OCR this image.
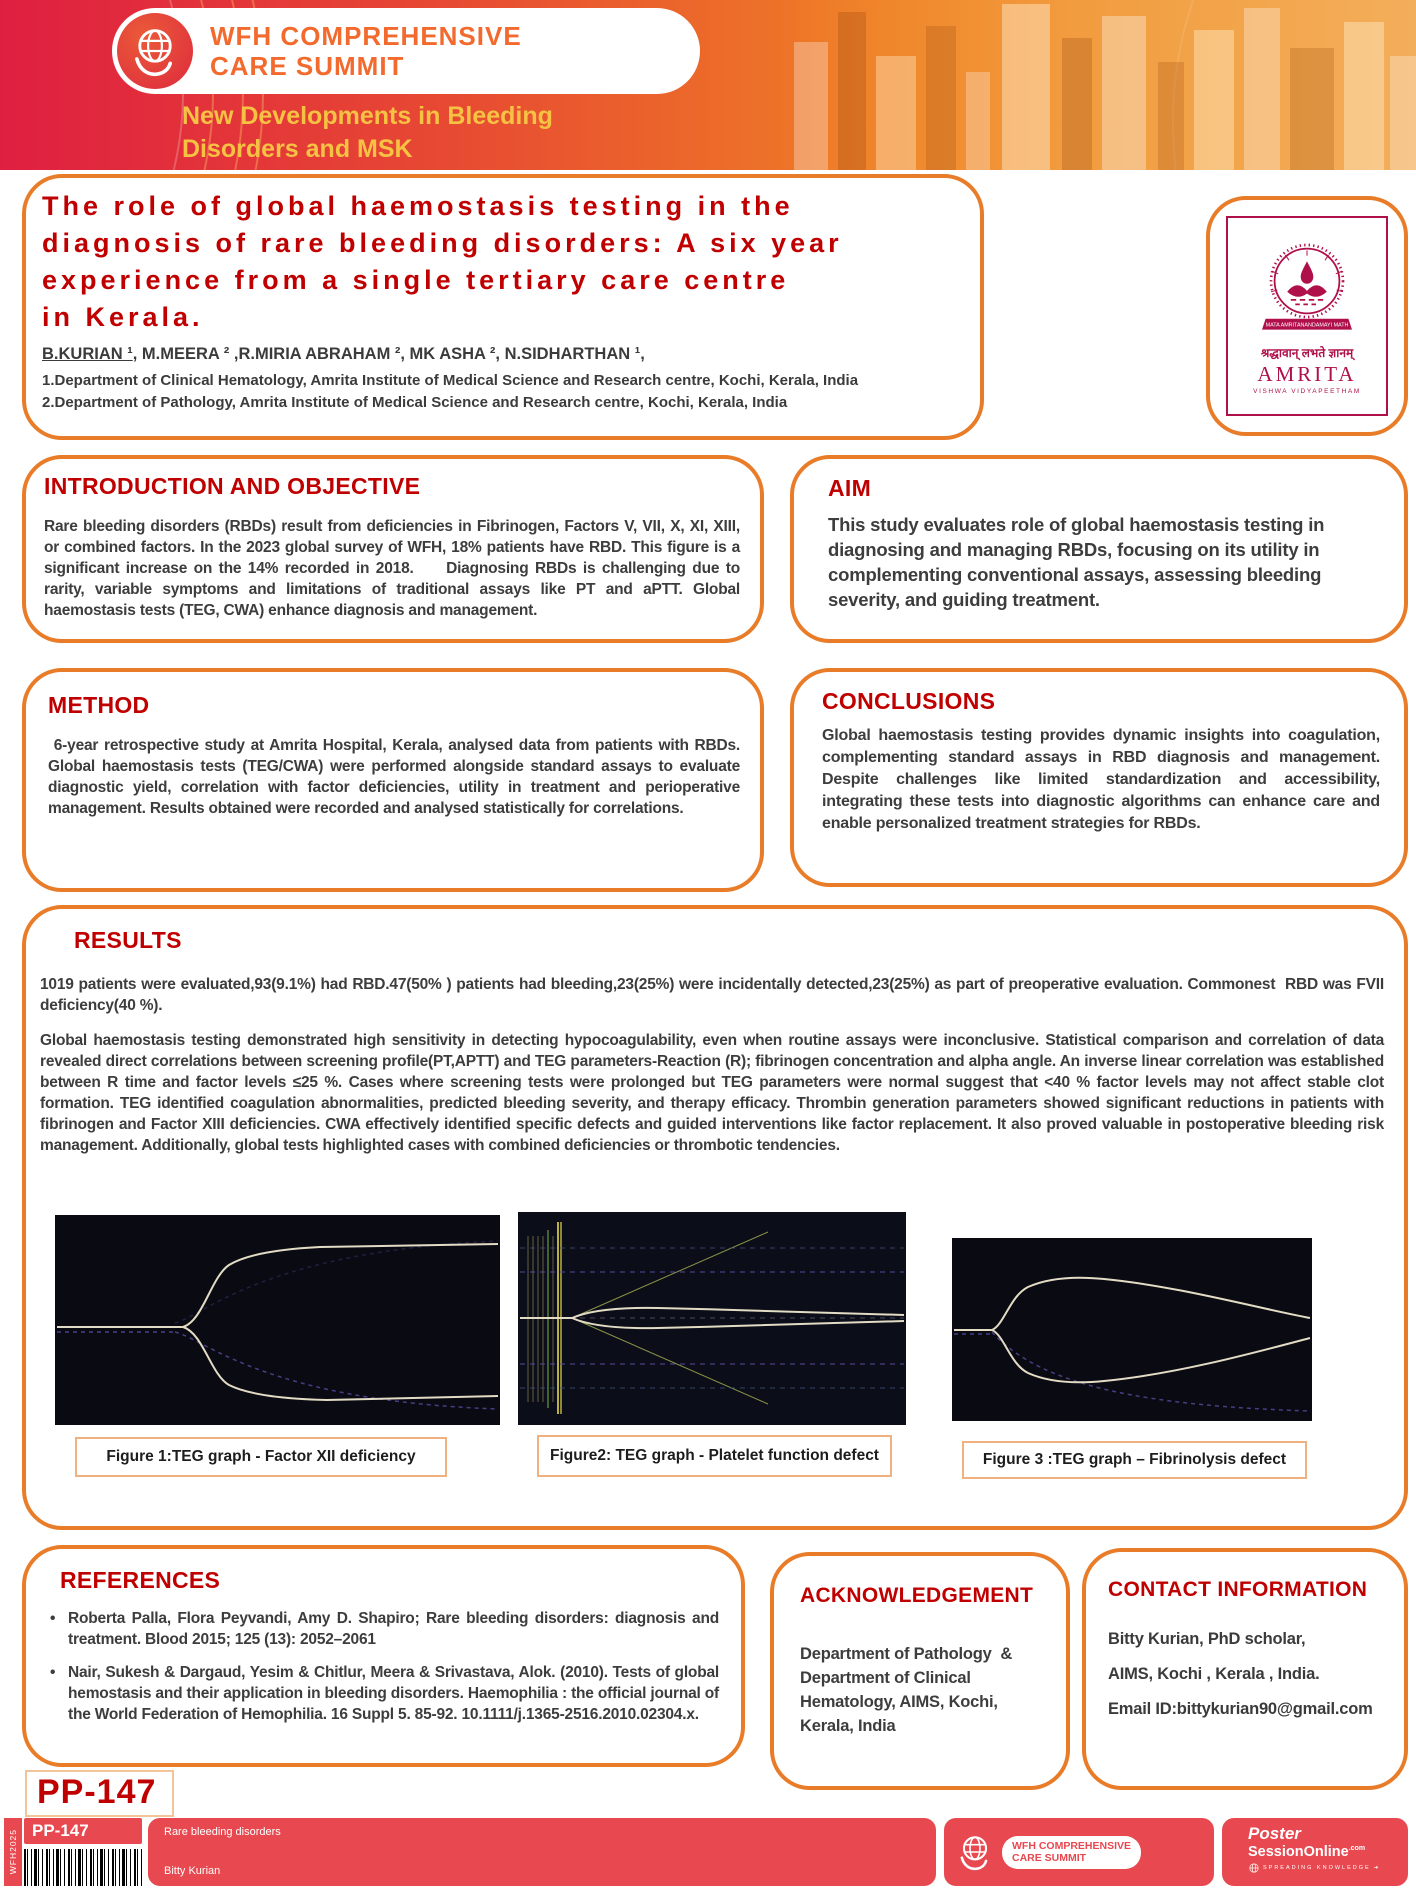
WFH COMPREHENSIVE
CARE SUMMIT
New Developments in Bleeding
Disorders and MSK
The role of global haemostasis testing in the
diagnosis of rare bleeding disorders: A six year
experience from a single tertiary care centre
in Kerala.
B.KURIAN ¹, M.MEERA ² ,R.MIRIA ABRAHAM ², MK ASHA ², N.SIDHARTHAN ¹,
1.Department of Clinical Hematology, Amrita Institute of Medical Science and Research centre, Kochi, Kerala, India
2.Department of Pathology, Amrita Institute of Medical Science and Research centre, Kochi, Kerala, India
MATA AMRITANANDAMAYI MATH
श्रद्धावान् लभते ज्ञानम्
AMRITA
VISHWA VIDYAPEETHAM
INTRODUCTION AND OBJECTIVE
Rare bleeding disorders (RBDs) result from deficiencies in Fibrinogen, Factors V, VII, X, XI, XIII, or combined factors. In the 2023 global survey of WFH, 18% patients have RBD. This figure is a significant increase on the 14% recorded in 2018.     Diagnosing RBDs is challenging due to rarity, variable symptoms and limitations of traditional assays like PT and aPTT. Global haemostasis tests (TEG, CWA) enhance diagnosis and management.
AIM
This study evaluates role of global haemostasis testing in diagnosing and managing RBDs, focusing on its utility in complementing conventional assays, assessing bleeding severity, and guiding treatment.
METHOD
6-year retrospective study at Amrita Hospital, Kerala, analysed data from patients with RBDs. Global haemostasis tests (TEG/CWA) were performed alongside standard assays to evaluate diagnostic yield, correlation with factor deficiencies, utility in treatment and perioperative management. Results obtained were recorded and analysed statistically for correlations.
CONCLUSIONS
Global haemostasis testing provides dynamic insights into coagulation, complementing standard assays in RBD diagnosis and management. Despite challenges like limited standardization and accessibility, integrating these tests into diagnostic algorithms can enhance care and enable personalized treatment strategies for RBDs.
RESULTS
1019 patients were evaluated,93(9.1%) had RBD.47(50% ) patients had bleeding,23(25%) were incidentally detected,23(25%) as part of preoperative evaluation. Commonest  RBD was FVII deficiency(40 %).
Global haemostasis testing demonstrated high sensitivity in detecting hypocoagulability, even when routine assays were inconclusive. Statistical comparison and correlation of data revealed direct correlations between screening profile(PT,APTT) and TEG parameters-Reaction (R); fibrinogen concentration and alpha angle. An inverse linear correlation was established between R time and factor levels ≤25 %. Cases where screening tests were prolonged but TEG parameters were normal suggest that <40 % factor levels may not affect stable clot formation. TEG identified coagulation abnormalities, predicted bleeding severity, and therapy efficacy. Thrombin generation parameters showed significant reductions in patients with fibrinogen and Factor XIII deficiencies. CWA effectively identified specific defects and guided interventions like factor replacement. It also proved valuable in postoperative bleeding risk management. Additionally, global tests highlighted cases with combined deficiencies or thrombotic tendencies.
Figure 1:TEG graph - Factor XII deficiency	Figure2: TEG graph - Platelet function defect	Figure 3 :TEG graph – Fibrinolysis defect
REFERENCES
• Roberta Palla, Flora Peyvandi, Amy D. Shapiro; Rare bleeding disorders: diagnosis and treatment. Blood 2015; 125 (13): 2052–2061
• Nair, Sukesh & Dargaud, Yesim & Chitlur, Meera & Srivastava, Alok. (2010). Tests of global hemostasis and their application in bleeding disorders. Haemophilia : the official journal of the World Federation of Hemophilia. 16 Suppl 5. 85-92. 10.1111/j.1365-2516.2010.02304.x.
ACKNOWLEDGEMENT
Department of Pathology  & Department of Clinical Hematology, AIMS, Kochi, Kerala, India
CONTACT INFORMATION
Bitty Kurian, PhD scholar,
AIMS, Kochi , Kerala , India.
Email ID:bittykurian90@gmail.com
PP-147
WFH2025 PP-147	Rare bleeding disorders
Bitty Kurian
WFH COMPREHENSIVE
CARE SUMMIT
Poster
SessionOnline$^{.com}$
SPREADING KNOWLEDGE ➜
